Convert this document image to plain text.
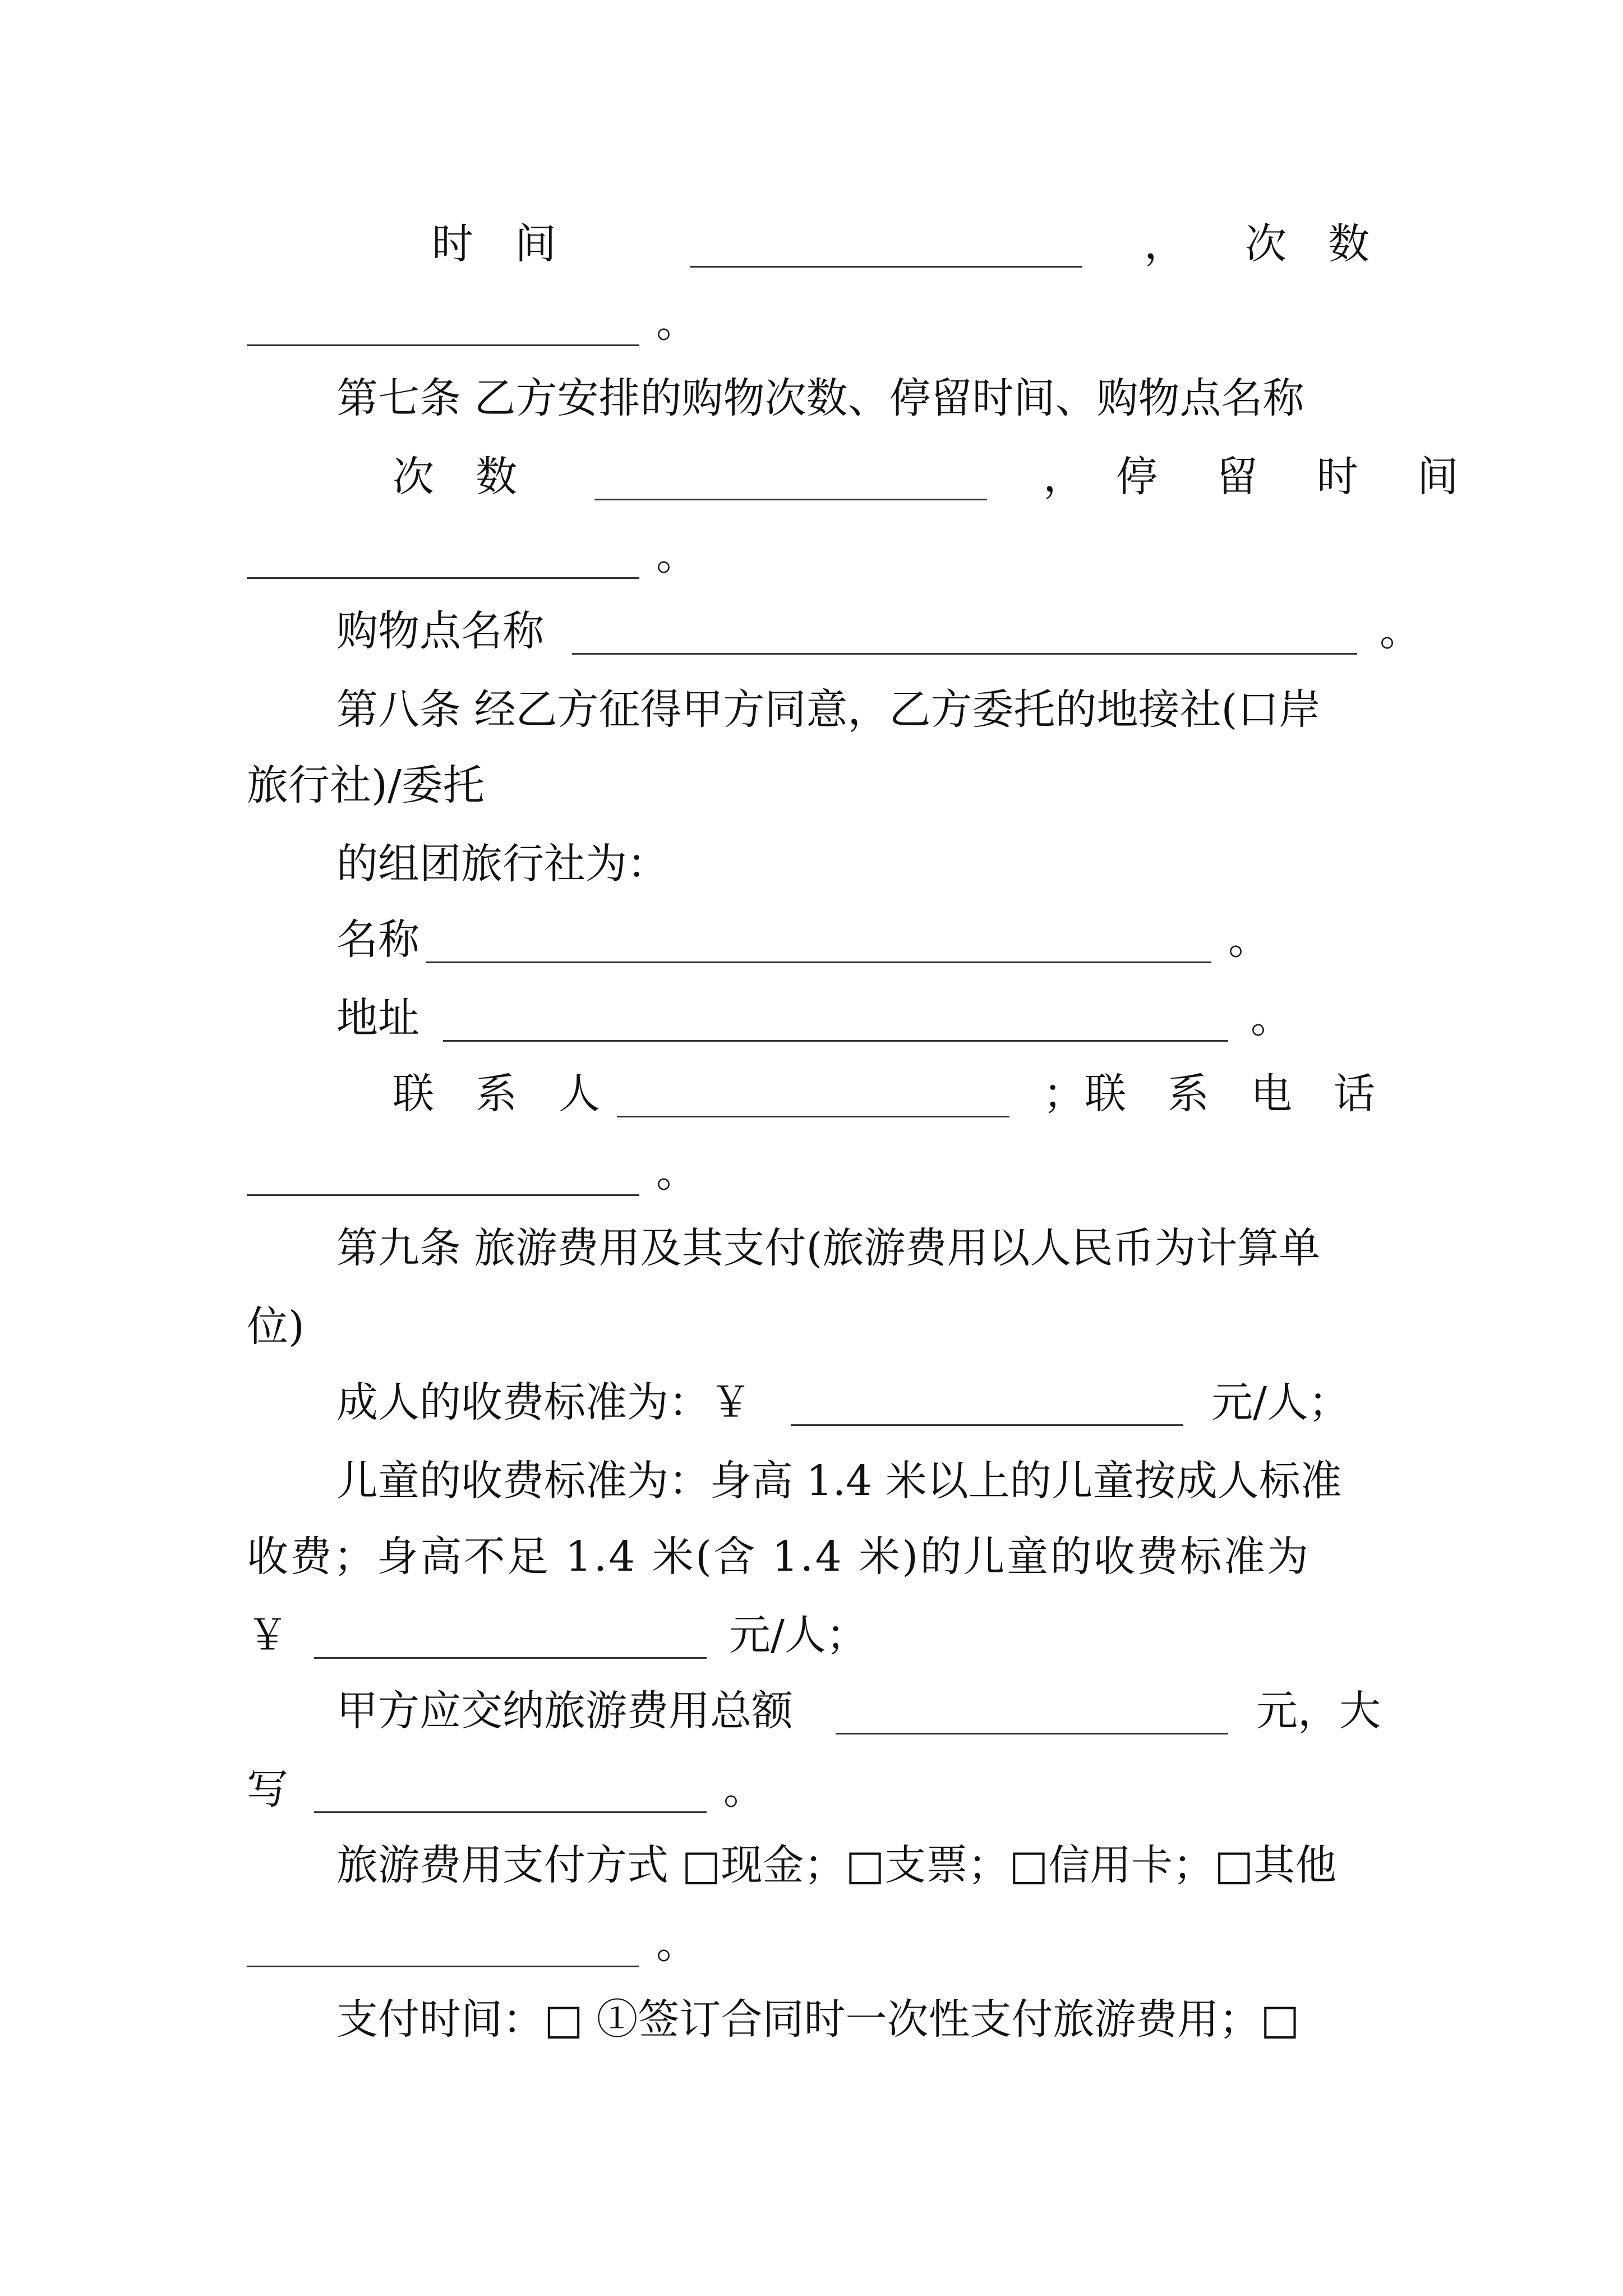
时　间	， 次　数
。
第七条 乙方安排的购物次数、停留时间、购物点名称
次　数	， 停 留 时 间
。
购物点名称	。
第八条 经乙方征得甲方同意，乙方委托的地接社(口岸
旅行社)/委托
的组团旅行社为：
名称	。
地址	。
联　系　人	；联　系　电　话
。
第九条 旅游费用及其支付(旅游费用以人民币为计算单
位)
成人的收费标准为：￥	元/人；
儿童的收费标准为：身高 1.4 米以上的儿童按成人标准
收费；身高不足 1.4 米(含 1.4 米)的儿童的收费标准为
￥	元/人；
甲方应交纳旅游费用总额	元，大
写	。
旅游费用支付方式 □现金；□支票；□信用卡；□其他
。
支付时间：□ ①签订合同时一次性支付旅游费用；□
